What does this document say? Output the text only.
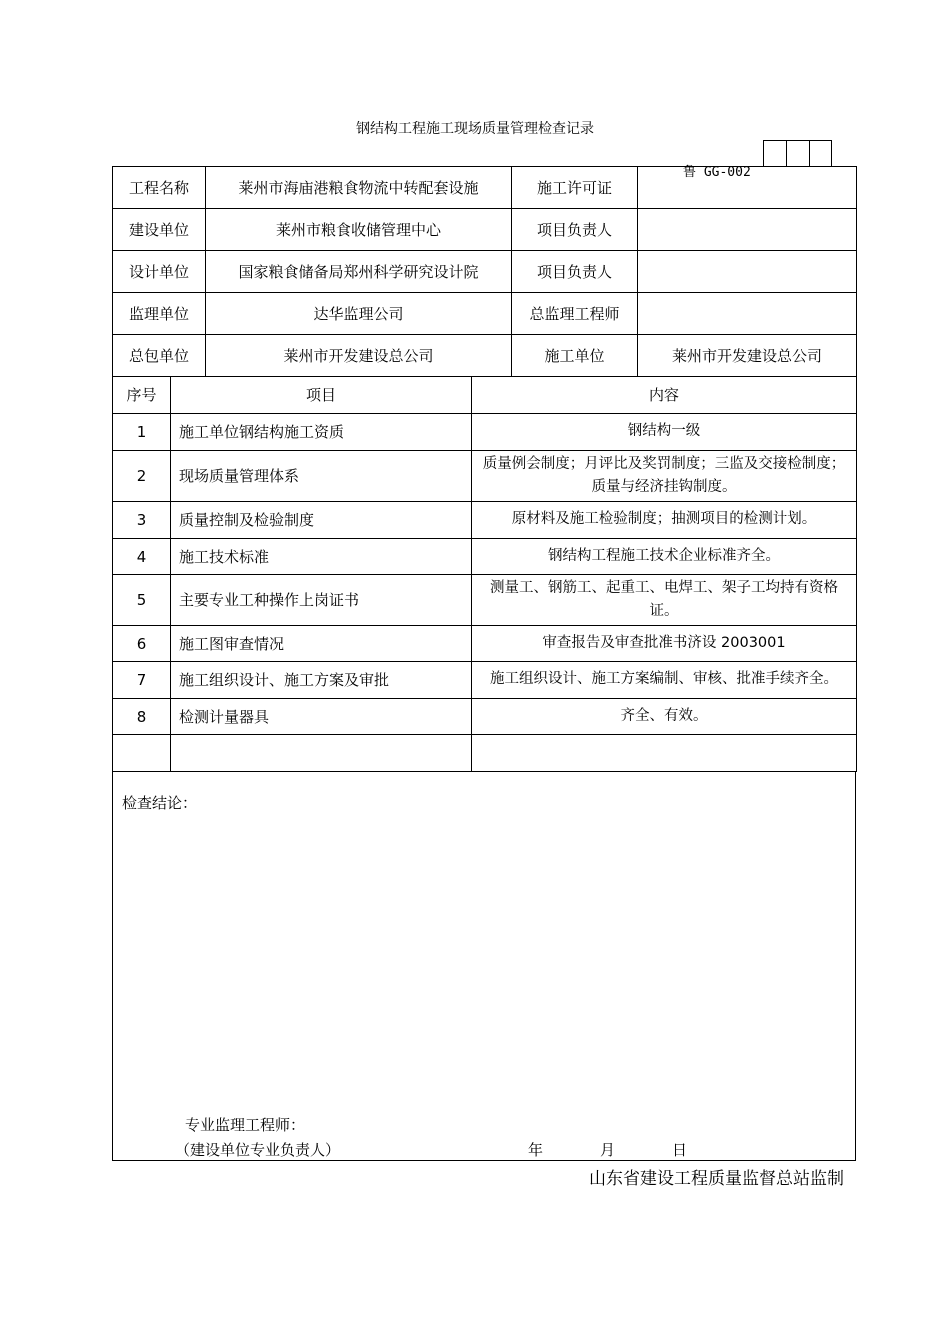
钢结构工程施工现场质量管理检查记录
鲁 GG-002
工程名称	莱州市海庙港粮食物流中转配套设施	施工许可证	
建设单位	莱州市粮食收储管理中心	项目负责人	
设计单位	国家粮食储备局郑州科学研究设计院	项目负责人	
监理单位	达华监理公司	总监理工程师	
总包单位	莱州市开发建设总公司	施工单位	莱州市开发建设总公司
序号	项目	内容
1	施工单位钢结构施工资质	钢结构一级
2	现场质量管理体系	质量例会制度；月评比及奖罚制度；三监及交接检制度；质量与经济挂钩制度。
3	质量控制及检验制度	原材料及施工检验制度；抽测项目的检测计划。
4	施工技术标准	钢结构工程施工技术企业标准齐全。
5	主要专业工种操作上岗证书	测量工、钢筋工、起重工、电焊工、架子工均持有资格证。
6	施工图审查情况	审查报告及审查批准书济设 2003001
7	施工组织设计、施工方案及审批	施工组织设计、施工方案编制、审核、批准手续齐全。
8	检测计量器具	齐全、有效。

检查结论：
专业监理工程师：
（建设单位专业负责人）	年	月	日
山东省建设工程质量监督总站监制
